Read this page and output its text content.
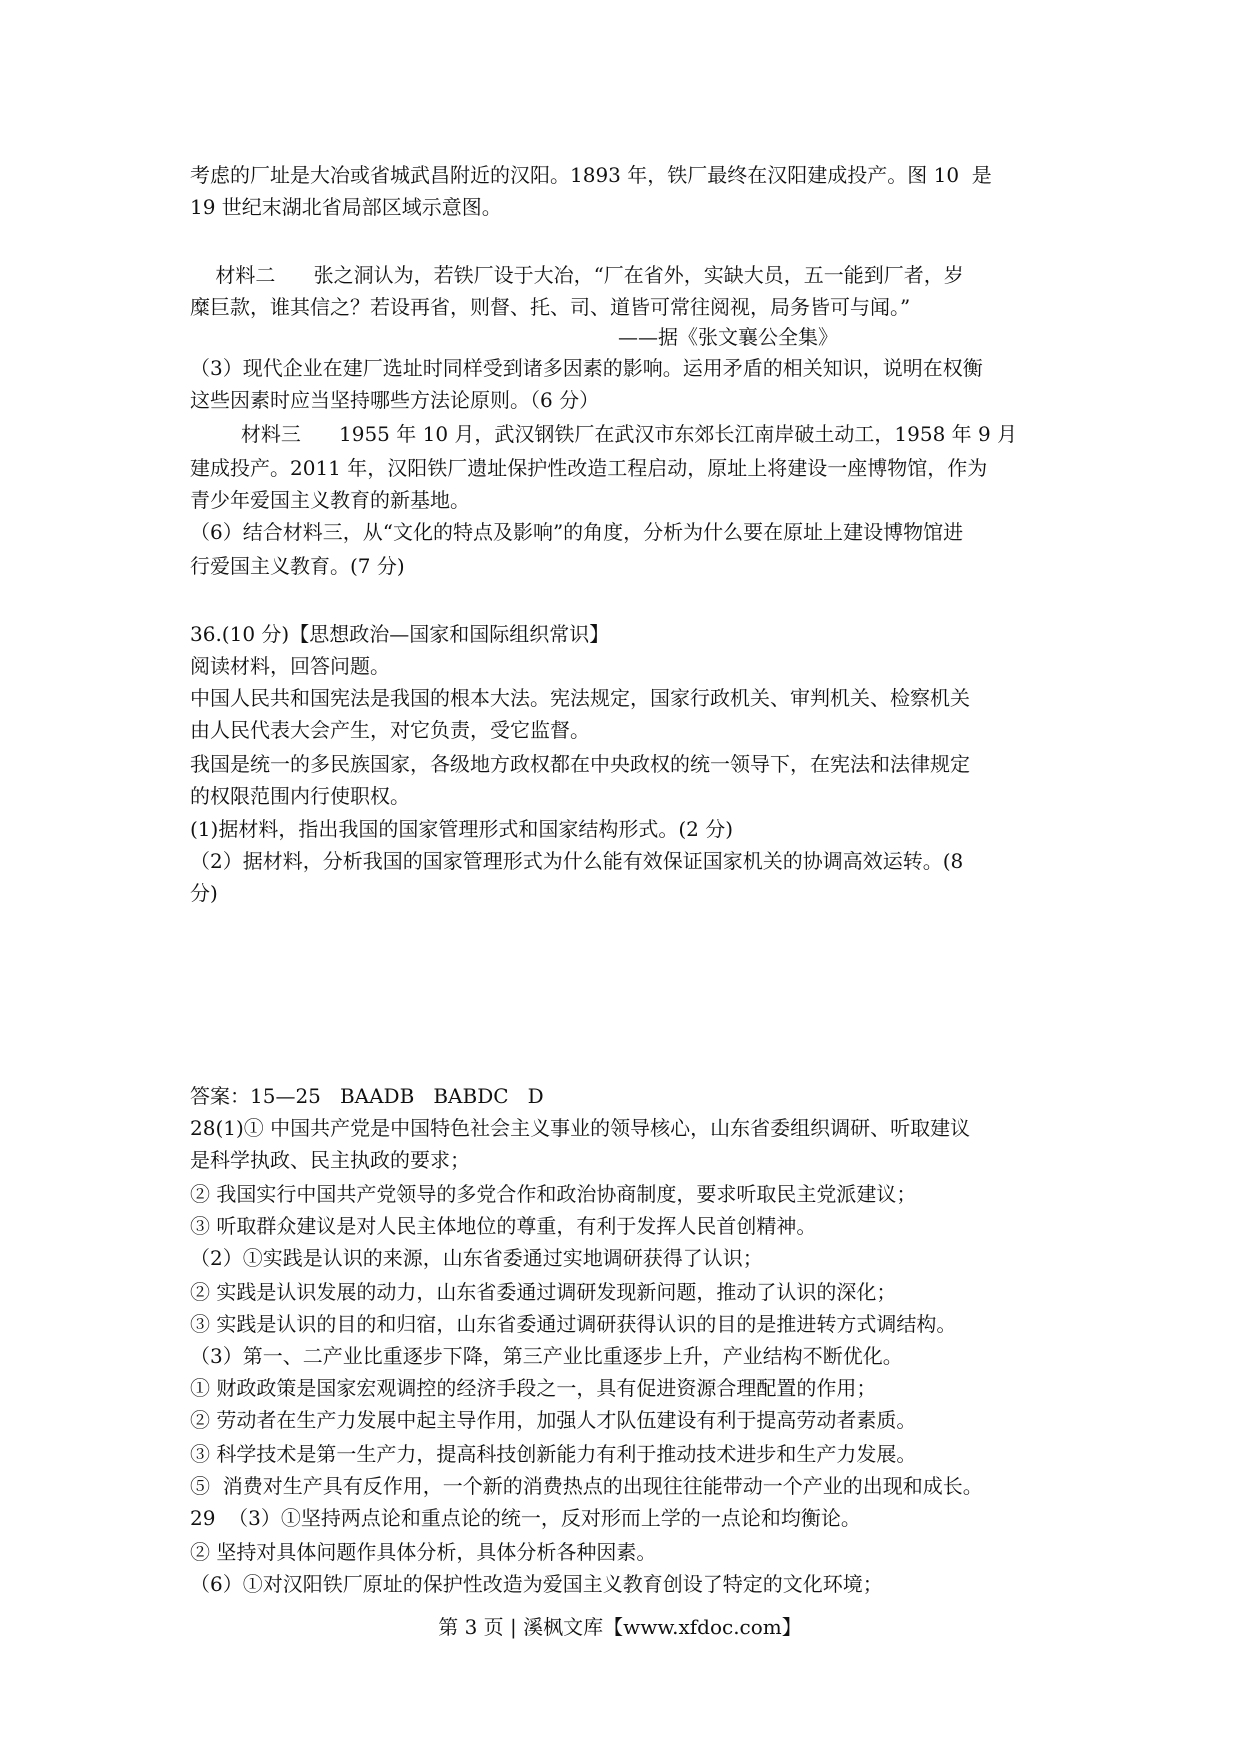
考虑的厂址是大冶或省城武昌附近的汉阳。1893 年，铁厂最终在汉阳建成投产。图 10  是
19 世纪末湖北省局部区域示意图。
材料二      张之洞认为，若铁厂设于大冶，“厂在省外，实缺大员，五一能到厂者，岁
糜巨款，谁其信之？若设再省，则督、托、司、道皆可常往阅视，局务皆可与闻。”
——据《张文襄公全集》
（3）现代企业在建厂选址时同样受到诸多因素的影响。运用矛盾的相关知识，说明在权衡
这些因素时应当坚持哪些方法论原则。（6 分）
材料三      1955 年 10 月，武汉钢铁厂在武汉市东郊长江南岸破土动工，1958 年 9 月
建成投产。2011 年，汉阳铁厂遗址保护性改造工程启动，原址上将建设一座博物馆，作为
青少年爱国主义教育的新基地。
（6）结合材料三，从“文化的特点及影响”的角度，分析为什么要在原址上建设博物馆进
行爱国主义教育。(7 分)
36.(10 分)【思想政治—国家和国际组织常识】
阅读材料，回答问题。
中国人民共和国宪法是我国的根本大法。宪法规定，国家行政机关、审判机关、检察机关
由人民代表大会产生，对它负责，受它监督。
我国是统一的多民族国家，各级地方政权都在中央政权的统一领导下，在宪法和法律规定
的权限范围内行使职权。
(1)据材料，指出我国的国家管理形式和国家结构形式。(2 分)
（2）据材料，分析我国的国家管理形式为什么能有效保证国家机关的协调高效运转。(8
分)
答案：15—25   BAADB   BABDC   D
28(1)① 中国共产党是中国特色社会主义事业的领导核心，山东省委组织调研、听取建议
是科学执政、民主执政的要求；
② 我国实行中国共产党领导的多党合作和政治协商制度，要求听取民主党派建议；
③ 听取群众建议是对人民主体地位的尊重，有利于发挥人民首创精神。
（2）①实践是认识的来源，山东省委通过实地调研获得了认识；
② 实践是认识发展的动力，山东省委通过调研发现新问题，推动了认识的深化；
③ 实践是认识的目的和归宿，山东省委通过调研获得认识的目的是推进转方式调结构。
（3）第一、二产业比重逐步下降，第三产业比重逐步上升，产业结构不断优化。
① 财政政策是国家宏观调控的经济手段之一，具有促进资源合理配置的作用；
② 劳动者在生产力发展中起主导作用，加强人才队伍建设有利于提高劳动者素质。
③ 科学技术是第一生产力，提高科技创新能力有利于推动技术进步和生产力发展。
⑤  消费对生产具有反作用，一个新的消费热点的出现往往能带动一个产业的出现和成长。
29  （3）①坚持两点论和重点论的统一，反对形而上学的一点论和均衡论。
② 坚持对具体问题作具体分析，具体分析各种因素。
（6）①对汉阳铁厂原址的保护性改造为爱国主义教育创设了特定的文化环境；
第 3 页 | 溪枫文库【www.xfdoc.com】
